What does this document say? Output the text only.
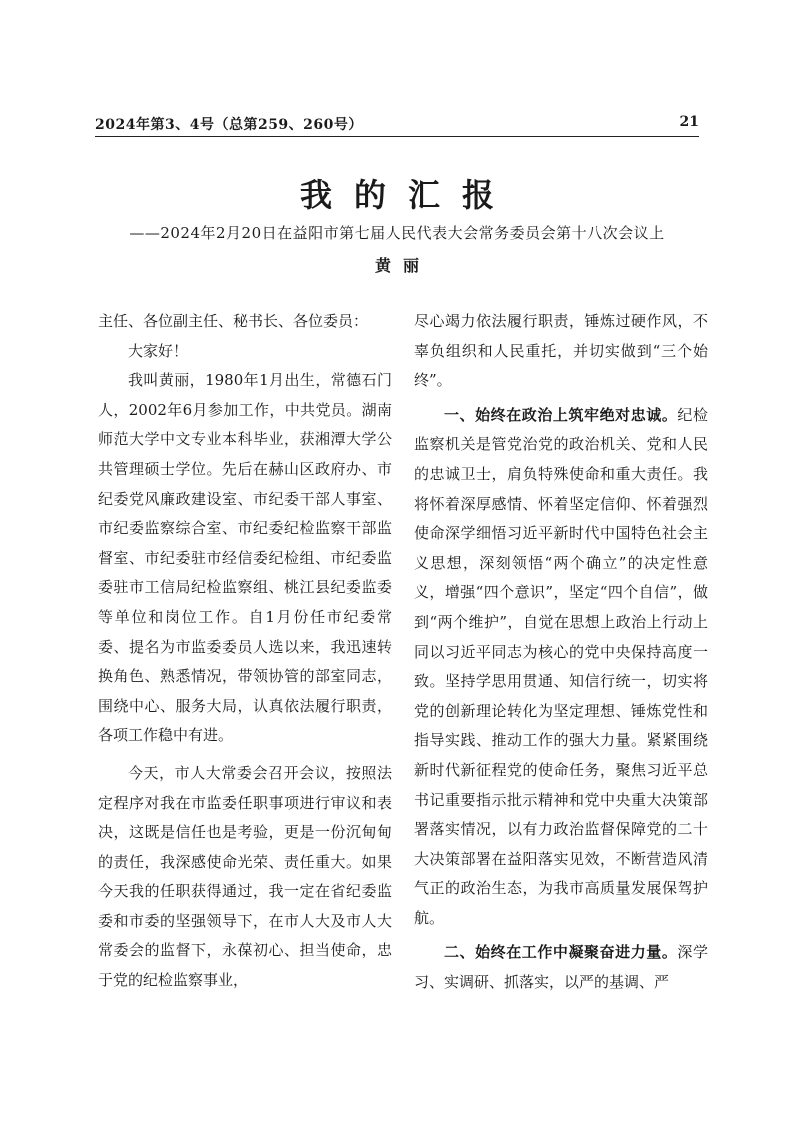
2024年第3、4号（总第259、260号）	21
我的汇报
——2024年2月20日在益阳市第七届人民代表大会常务委员会第十八次会议上
黄丽

主任、各位副主任、秘书长、各位委员：

大家好！

我叫黄丽，1980年1月出生，常德石门人，2002年6月参加工作，中共党员。湖南师范大学中文专业本科毕业，获湘潭大学公共管理硕士学位。先后在赫山区政府办、市纪委党风廉政建设室、市纪委干部人事室、市纪委监察综合室、市纪委纪检监察干部监督室、市纪委驻市经信委纪检组、市纪委监委驻市工信局纪检监察组、桃江县纪委监委等单位和岗位工作。自1月份任市纪委常委、提名为市监委委员人选以来，我迅速转换角色、熟悉情况，带领协管的部室同志，围绕中心、服务大局，认真依法履行职责，各项工作稳中有进。

今天，市人大常委会召开会议，按照法定程序对我在市监委任职事项进行审议和表决，这既是信任也是考验，更是一份沉甸甸的责任，我深感使命光荣、责任重大。如果今天我的任职获得通过，我一定在省纪委监委和市委的坚强领导下，在市人大及市人大常委会的监督下，永葆初心、担当使命，忠于党的纪检监察事业，

尽心竭力依法履行职责，锤炼过硬作风，不辜负组织和人民重托，并切实做到“三个始终”。

一、始终在政治上筑牢绝对忠诚。纪检监察机关是管党治党的政治机关、党和人民的忠诚卫士，肩负特殊使命和重大责任。我将怀着深厚感情、怀着坚定信仰、怀着强烈使命深学细悟习近平新时代中国特色社会主义思想，深刻领悟“两个确立”的决定性意义，增强“四个意识”，坚定“四个自信”，做到“两个维护”，自觉在思想上政治上行动上同以习近平同志为核心的党中央保持高度一致。坚持学思用贯通、知信行统一，切实将党的创新理论转化为坚定理想、锤炼党性和指导实践、推动工作的强大力量。紧紧围绕新时代新征程党的使命任务，聚焦习近平总书记重要指示批示精神和党中央重大决策部署落实情况，以有力政治监督保障党的二十大决策部署在益阳落实见效，不断营造风清气正的政治生态，为我市高质量发展保驾护航。

二、始终在工作中凝聚奋进力量。深学习、实调研、抓落实，以严的基调、严
